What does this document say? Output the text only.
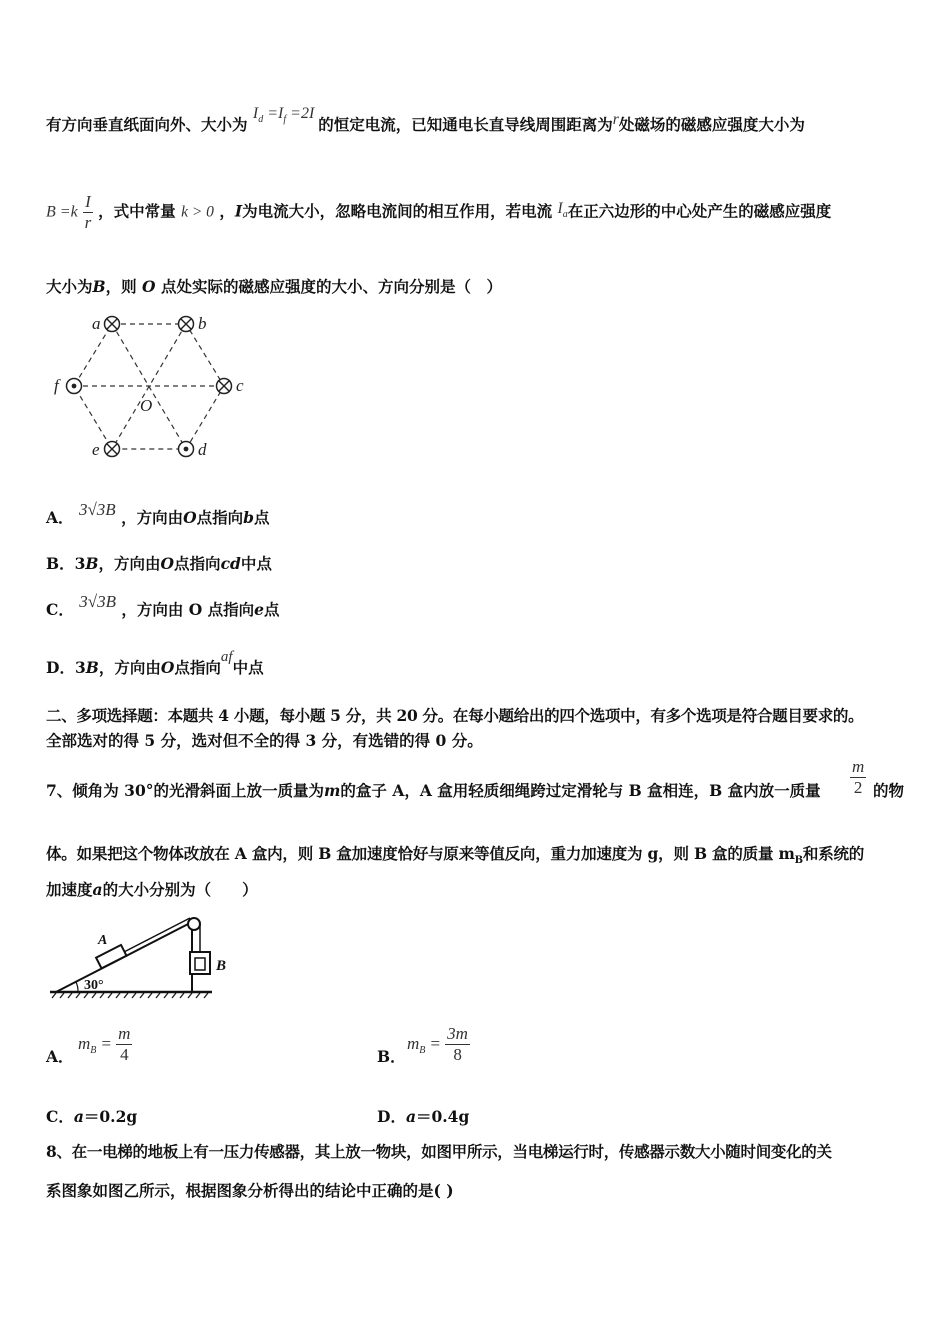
有方向垂直纸面向外、大小为 $I_d =I_f =2I$ 的恒定电流，已知通电长直导线周围距离为r处磁场的磁感应强度大小为
$B =k \frac{I}{r}$ ，式中常量 k > 0 ，I为电流大小，忽略电流间的相互作用，若电流 $I_a$在正六边形的中心处产生的磁感应强度
大小为B，则 O 点处实际的磁感应强度的大小、方向分别是（　）
a	b
c
d
e
f
O
A． 3√3B ，方向由O点指向b点
B．3B，方向由O点指向cd中点
C． 3√3B ，方向由 O 点指向e点
D．3B，方向由O点指向af中点
二、多项选择题：本题共 4 小题，每小题 5 分，共 20 分。在每小题给出的四个选项中，有多个选项是符合题目要求的。
全部选对的得 5 分，选对但不全的得 3 分，有选错的得 0 分。
7、倾角为 30°的光滑斜面上放一质量为m的盒子 A，A 盒用轻质细绳跨过定滑轮与 B 盒相连，B 盒内放一质量 $\frac{m}{2}$ 的物
体。如果把这个物体改放在 A 盒内，则 B 盒加速度恰好与原来等值反向，重力加速度为 g，则 B 盒的质量 $m_B$和系统的
加速度a的大小分别为（　　）
A
B
30°
A．
$m_B = \frac{m}{4}$	B．
$m_B = \frac{3m}{8}$
C．a＝0.2g	D．a＝0.4g
8、在一电梯的地板上有一压力传感器，其上放一物块，如图甲所示，当电梯运行时，传感器示数大小随时间变化的关
系图象如图乙所示，根据图象分析得出的结论中正确的是( )
